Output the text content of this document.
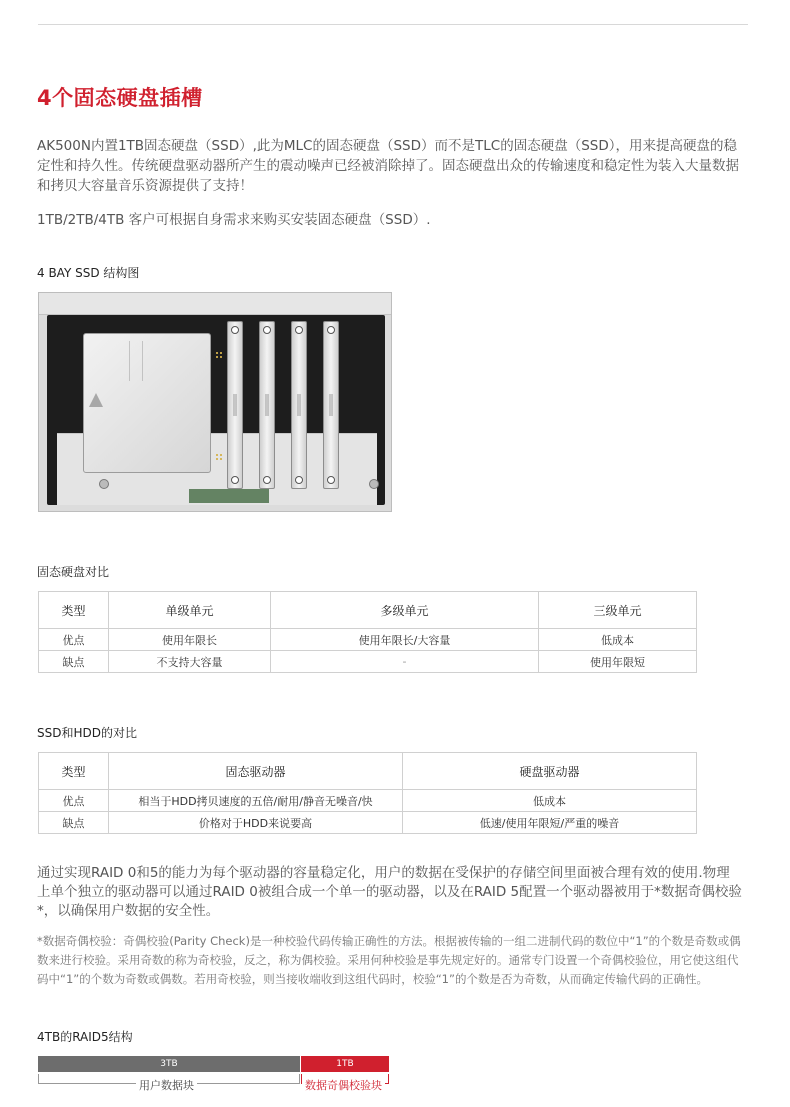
4个固态硬盘插槽

AK500N内置1TB固态硬盘（SSD）,此为MLC的固态硬盘（SSD）而不是TLC的固态硬盘（SSD），用来提高硬盘的稳定性和持久性。传统硬盘驱动器所产生的震动噪声已经被消除掉了。固态硬盘出众的传输速度和稳定性为装入大量数据和拷贝大容量音乐资源提供了支持！

1TB/2TB/4TB 客户可根据自身需求来购买安装固态硬盘（SSD）.

4 BAY SSD 结构图
固态硬盘对比
类型	单级单元	多级单元	三级单元
优点	使用年限长	使用年限长/大容量	低成本
缺点	不支持大容量	-	使用年限短
SSD和HDD的对比
类型	固态驱动器	硬盘驱动器
优点	相当于HDD拷贝速度的五倍/耐用/静音无噪音/快	低成本
缺点	价格对于HDD来说要高	低速/使用年限短/严重的噪音

通过实现RAID 0和5的能力为每个驱动器的容量稳定化，用户的数据在受保护的存储空间里面被合理有效的使用.物理上单个独立的驱动器可以通过RAID 0被组合成一个单一的驱动器，以及在RAID 5配置一个驱动器被用于*数据奇偶校验*，以确保用户数据的安全性。

*数据奇偶校验：奇偶校验(Parity Check)是一种校验代码传输正确性的方法。根据被传输的一组二进制代码的数位中“1”的个数是奇数或偶数来进行校验。采用奇数的称为奇校验，反之，称为偶校验。采用何种校验是事先规定好的。通常专门设置一个奇偶校验位，用它使这组代码中“1”的个数为奇数或偶数。若用奇校验，则当接收端收到这组代码时，校验“1”的个数是否为奇数，从而确定传输代码的正确性。

4TB的RAID5结构
3TB	1TB
用户数据块	数据奇偶校验块
